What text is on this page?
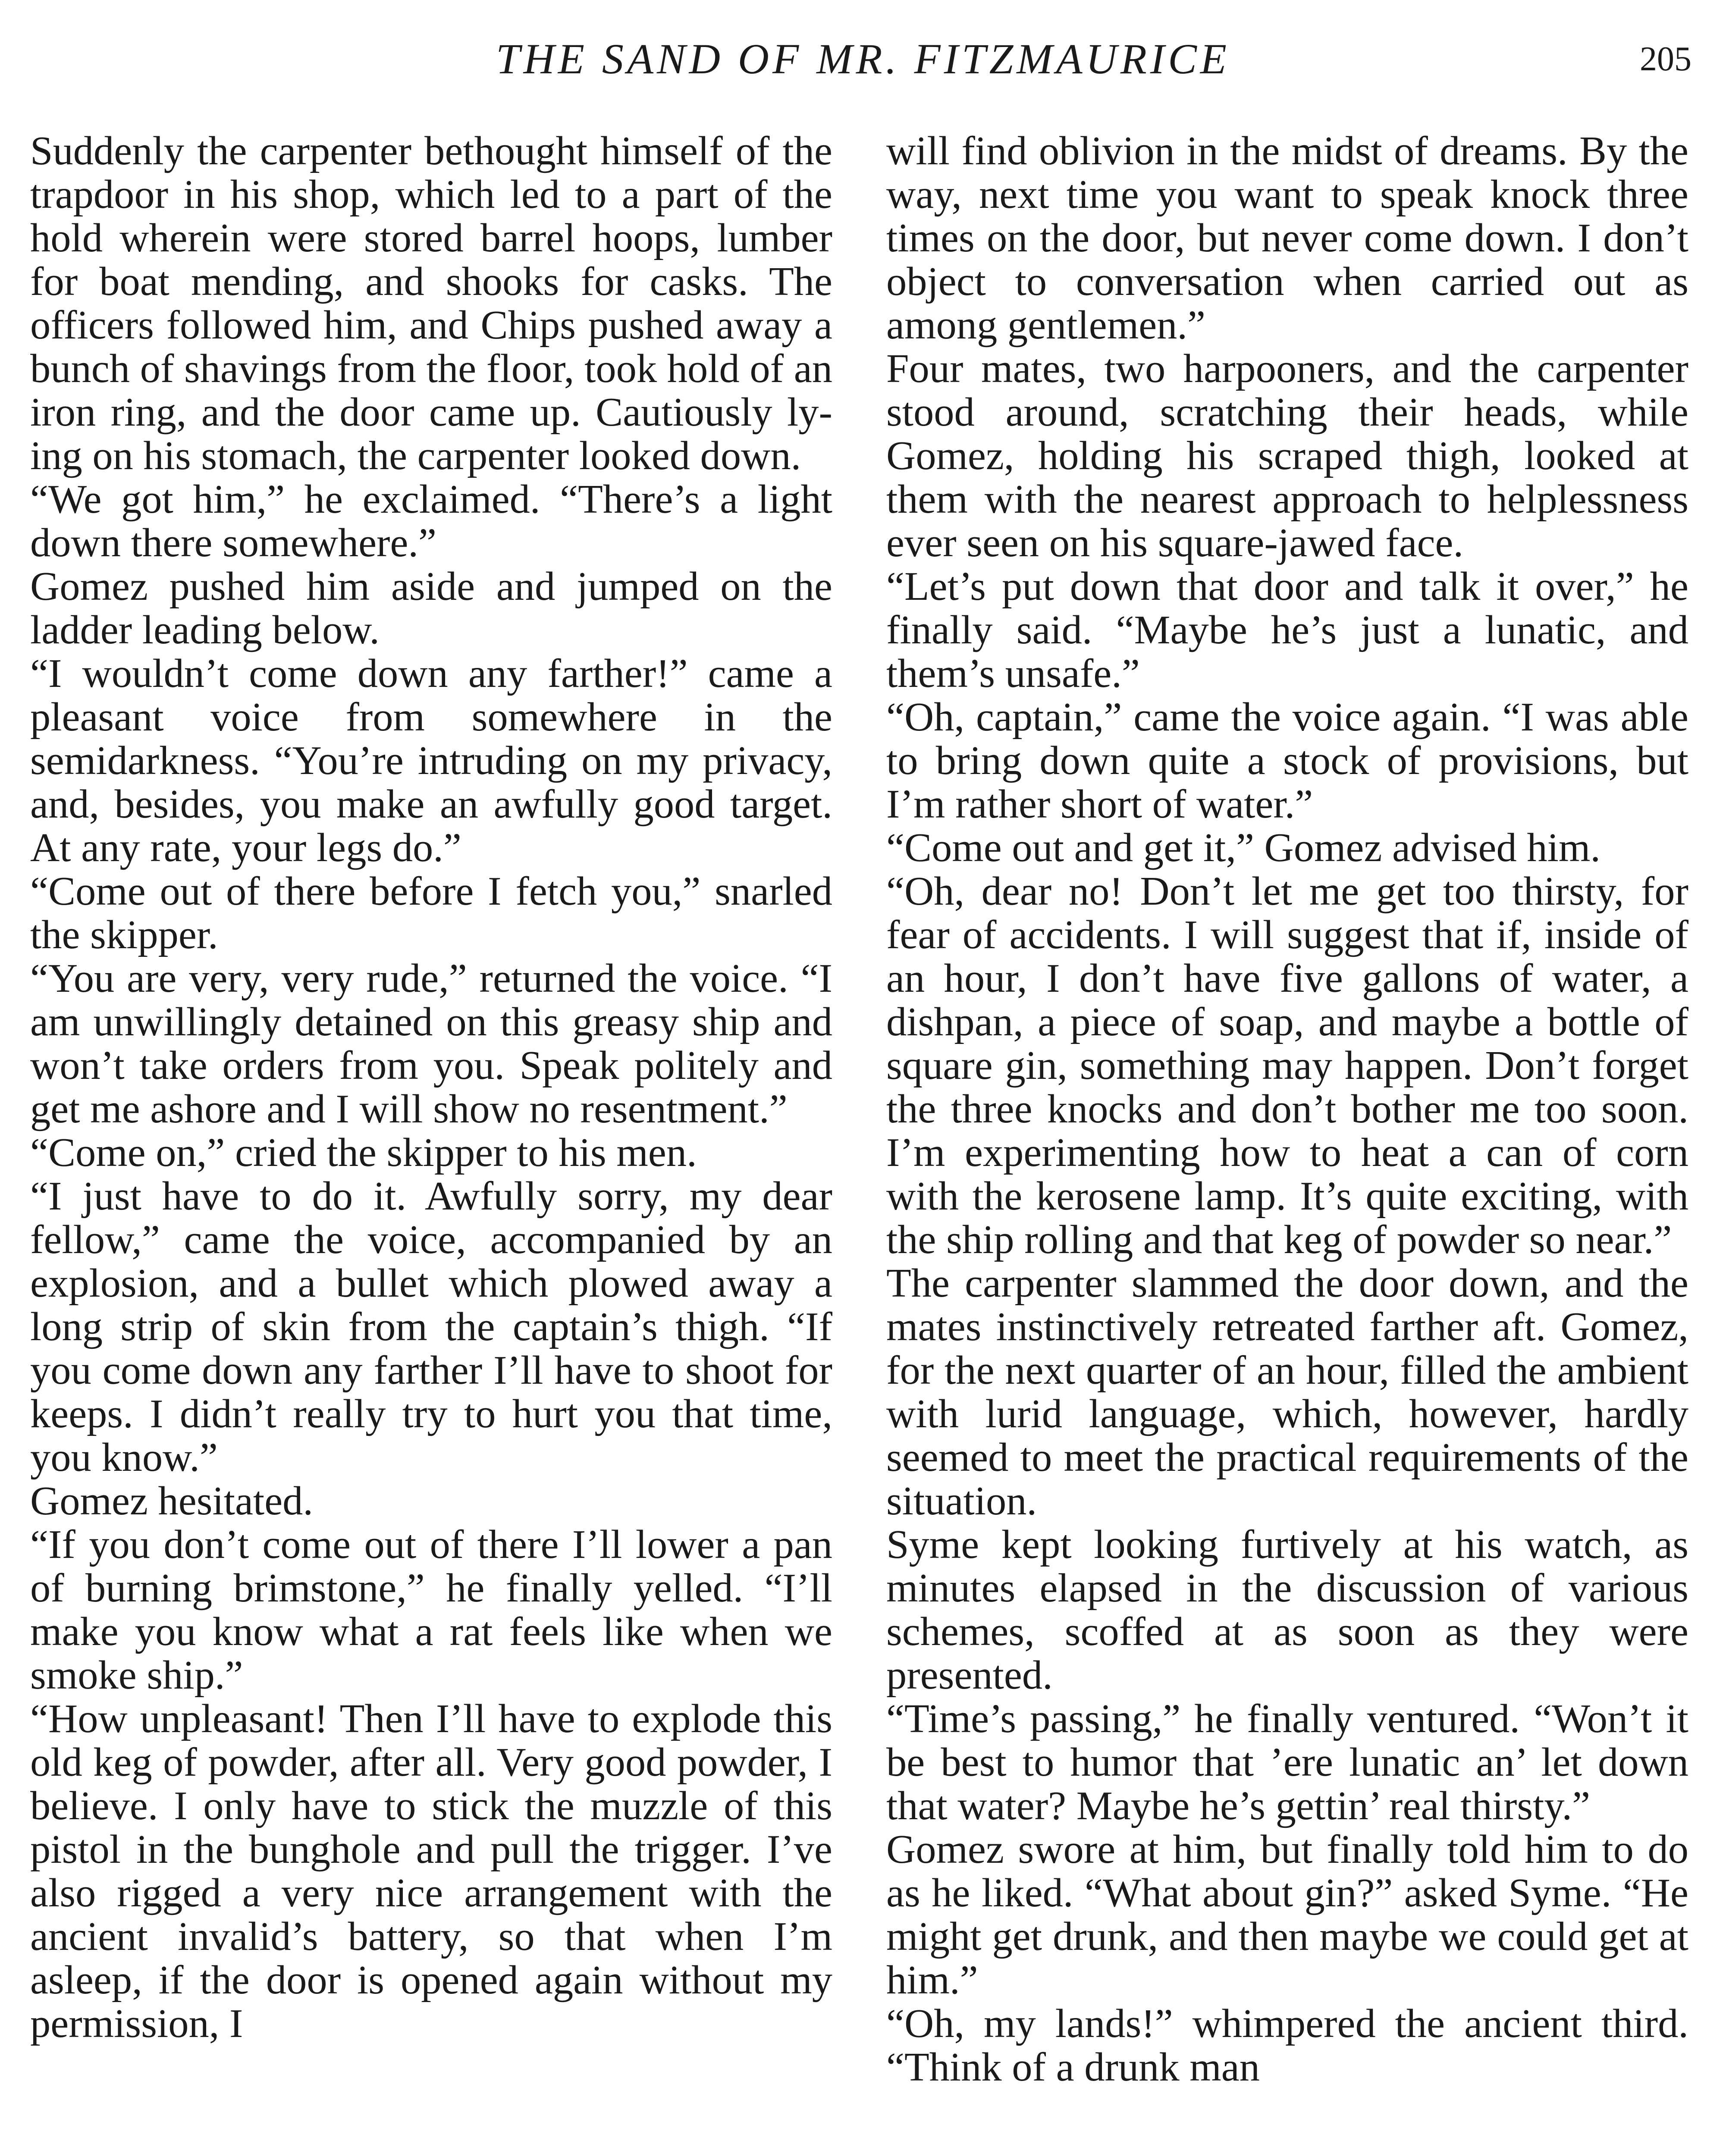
THE SAND OF MR. FITZMAURICE	205

Suddenly the carpenter bethought himself of the trapdoor in his shop, which led to a part of the hold wherein were stored barrel hoops, lumber for boat mending, and shooks for casks. The officers followed him, and Chips pushed away a bunch of shavings from the floor, took hold of an iron ring, and the door came up. Cautiously lying on his stomach, the carpenter looked down.

“We got him,” he exclaimed. “There’s a light down there somewhere.”

Gomez pushed him aside and jumped on the ladder leading below.

“I wouldn’t come down any farther!” came a pleasant voice from somewhere in the semidarkness. “You’re intruding on my privacy, and, besides, you make an awfully good target. At any rate, your legs do.”

“Come out of there before I fetch you,” snarled the skipper.

“You are very, very rude,” returned the voice. “I am unwillingly detained on this greasy ship and won’t take orders from you. Speak politely and get me ashore and I will show no resentment.”

“Come on,” cried the skipper to his men.

“I just have to do it. Awfully sorry, my dear fellow,” came the voice, accompanied by an explosion, and a bullet which plowed away a long strip of skin from the captain’s thigh. “If you come down any farther I’ll have to shoot for keeps. I didn’t really try to hurt you that time, you know.”

Gomez hesitated.

“If you don’t come out of there I’ll lower a pan of burning brimstone,” he finally yelled. “I’ll make you know what a rat feels like when we smoke ship.”

“How unpleasant! Then I’ll have to explode this old keg of powder, after all. Very good powder, I believe. I only have to stick the muzzle of this pistol in the bunghole and pull the trigger. I’ve also rigged a very nice arrangement with the ancient invalid’s battery, so that when I’m asleep, if the door is opened again without my permission, I

will find oblivion in the midst of dreams. By the way, next time you want to speak knock three times on the door, but never come down. I don’t object to conversation when carried out as among gentlemen.”

Four mates, two harpooners, and the carpenter stood around, scratching their heads, while Gomez, holding his scraped thigh, looked at them with the nearest approach to helplessness ever seen on his square-jawed face.

“Let’s put down that door and talk it over,” he finally said. “Maybe he’s just a lunatic, and them’s unsafe.”

“Oh, captain,” came the voice again. “I was able to bring down quite a stock of provisions, but I’m rather short of water.”

“Come out and get it,” Gomez advised him.

“Oh, dear no! Don’t let me get too thirsty, for fear of accidents. I will suggest that if, inside of an hour, I don’t have five gallons of water, a dishpan, a piece of soap, and maybe a bottle of square gin, something may happen. Don’t forget the three knocks and don’t bother me too soon. I’m experimenting how to heat a can of corn with the kerosene lamp. It’s quite exciting, with the ship rolling and that keg of powder so near.”

The carpenter slammed the door down, and the mates instinctively retreated farther aft. Gomez, for the next quarter of an hour, filled the ambient with lurid language, which, however, hardly seemed to meet the practical requirements of the situation.

Syme kept looking furtively at his watch, as minutes elapsed in the discussion of various schemes, scoffed at as soon as they were presented.

“Time’s passing,” he finally ventured. “Won’t it be best to humor that ’ere lunatic an’ let down that water? Maybe he’s gettin’ real thirsty.”

Gomez swore at him, but finally told him to do as he liked. “What about gin?” asked Syme. “He might get drunk, and then maybe we could get at him.”

“Oh, my lands!” whimpered the ancient third. “Think of a drunk man
